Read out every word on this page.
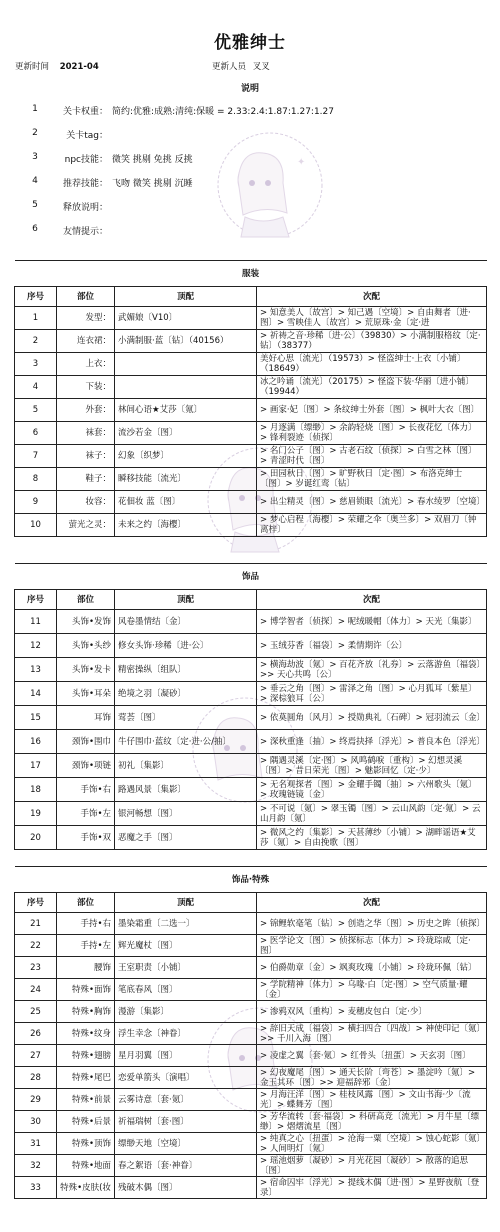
优雅绅士
更新时间 2021-04	更新人员 叉叉
说明
1	关卡权重： 简约:优雅:成熟:清纯:保暖 = 2.33:2.4:1.87:1.27:1.27
2	关卡tag：
3	npc技能： 微笑 挑剔 免挑 反挑
4	推荐技能： 飞吻 微笑 挑剔 沉睡
5	释放说明：
6	友情提示：
✦
服装			
序号	部位	顶配	次配
1	发型：	武媚娘〔V10〕	> 知意美人〔故宫〕> 知己遇〔空境〕> 自由舞者〔进·图〕> 雪映佳人〔故宫〕> 荒原珠·金〔定·进
2	连衣裙：	小满制服·蓝〔钻〕（40156）	> 祈祷之音·珍稀〔进·公〕（39830）> 小满制服格纹〔定·钻〕（38377）
3	上衣：		美好心思〔流光〕（19573）> 怪盗绅士·上衣〔小铺〕（18649）
4	下装：		冰之吟诵〔流光〕（20175）> 怪盗下装·华丽〔进小铺〕（19944）
5	外套：	林间心语★艾莎〔氪〕	> 画家·妃〔图〕> 条纹绅士外套〔图〕> 枫叶大衣〔图〕
6	袜套：	流沙若金〔图〕	> 月逐满〔缥缈〕> 余韵轻烧〔图〕> 长夜花忆〔体力〕> 锋利裂迹〔侦探〕
7	袜子：	幻象〔织梦〕	> 名门公子〔图〕> 古老石纹〔侦探〕> 白雪之林〔图〕> 青涩时代〔图〕
8	鞋子：	瞬移技能〔流光〕	> 田园秋日〔图〕> 旷野秋日〔定·图〕> 布洛克绅士〔图〕> 岁诞红鸾〔钻〕
9	妆容：	花佃妆 蓝〔图〕	> 出尘精灵〔图〕> 慈眉锁眼〔流光〕> 春水绫罗〔空境〕
10	萤光之灵：	未来之约〔海樱〕	> 梦心启程〔海樱〕> 荣耀之伞〔奥兰多〕> 双眉刀〔钟离梓〕
饰品			
序号	部位	顶配	次配
11	头饰•发饰	风卷墨情结〔金〕	> 博学智者〔侦探〕> 呢绒暖帽〔体力〕> 天光〔集影〕
12	头饰•头纱	修女头饰·珍稀〔进·公〕	> 玉绒芬香〔福袋〕> 柔情期许〔公〕
13	头饰•发卡	精密操纵〔组队〕	> 横海劫波〔氪〕> 百花齐放〔礼券〕> 云落游鱼〔福袋〕>> 天心共鸣〔公〕
14	头饰•耳朵	绝境之羽〔凝砂〕	> 垂云之角〔图〕> 雷泽之角〔图〕> 心月狐耳〔紫星〕> 深棕狼耳〔公〕
15	耳饰	莺荟〔图〕	> 依莫圆角〔风月〕> 授勋典礼〔石碑〕> 冠羽流云〔金〕
16	颈饰•围巾	牛仔围巾·蓝纹〔定·进·公/抽〕	> 深秋重逢〔抽〕> 终焉抉择〔浮光〕> 普良本色〔浮光〕
17	颈饰•项链	初礼〔集影〕	> 隅遇灵溪〔定·图〕> 风鸣鹤唳〔重构〕> 幻想灵溪〔图〕> 昔日荣光〔图〕> 魅影回忆〔定·少〕
18	手饰•右	路遇风景〔集影〕	> 无名观探者〔图〕> 金耀手镯〔抽〕> 六州歌头〔氪〕> 玫瑰链镜〔金〕
19	手饰•左	银河畅想〔图〕	> 不可说〔氪〕> 翠玉镯〔图〕> 云山风韵〔定·氪〕> 云山月韵〔氪〕
20	手饰•双	恶魔之手〔图〕	> 微风之约〔集影〕> 天甚薄纱〔小铺〕> 湖畔谣语★艾莎〔氪〕> 自由挽歌〔图〕
饰品·特殊			
序号	部位	顶配	次配
21	手持•右	墨染霜重〔二选一〕	> 锦鲤软毫笔〔钻〕> 创造之华〔图〕> 历史之眸〔侦探〕
22	手持•左	辉光魔杖〔图〕	> 医学论文〔图〕> 侦探标志〔体力〕> 玲珑琮咸〔定·图〕
23	腰饰	王室职责〔小铺〕	> 伯爵勋章〔金〕> 飒爽玫瑰〔小铺〕> 玲珑环佩〔钻〕
24	特殊•面饰	笔底春风〔图〕	> 学院精神〔体力〕> 乌喙·白〔定·图〕> 空气质量·耀〔金〕
25	特殊•胸饰	漫游〔集影〕	> 渗鸦双风〔重构〕> 麦穗皮包白〔定·少〕
26	特殊•纹身	浮生幸念〔神眷〕	> 辞旧天成〔福袋〕> 横扫四合〔四战〕> 神使印记〔氪〕>> 千川入海〔图〕
27	特殊•翅膀	星月羽翼〔图〕	> 凌虚之翼〔套·氪〕> 红骨头〔扭蛋〕> 天玄羽〔图〕
28	特殊•尾巴	恋爱单箭头〔演唱〕	> 幻夜魔尾〔图〕> 通天长阶〔弯苍〕> 墨淀吟〔氪〕> 金玉其环〔图〕>> 迎福辞邪〔金〕
29	特殊•前景	云雾诗意〔套·氪〕	> 月海汪洋〔图〕> 桂枝风露〔图〕> 文山书海·少〔流光〕> 蝶舞芳〔图〕
30	特殊•后景	祈福瑞树〔套·图〕	> 芳华流转〔套·福袋〕> 科研高竞〔流光〕> 月牛星〔缥缈〕> 熠熠流星〔图〕
31	特殊•顶饰	缥缈天地〔空境〕	> 纯真之心〔扭蛋〕> 沧海一粟〔空境〕> 蚀心蛇影〔氪〕> 人间明灯〔氪〕
32	特殊•地面	春之絮语〔套·神眷〕	> 瑶池烟萝〔凝砂〕> 月光花园〔凝砂〕> 散落的追思〔图〕
33	特殊•皮肤(妆	残破木偶〔图〕	> 宿命囚牢〔浮光〕> 提线木偶〔进·图〕> 星野夜航〔登录〕
